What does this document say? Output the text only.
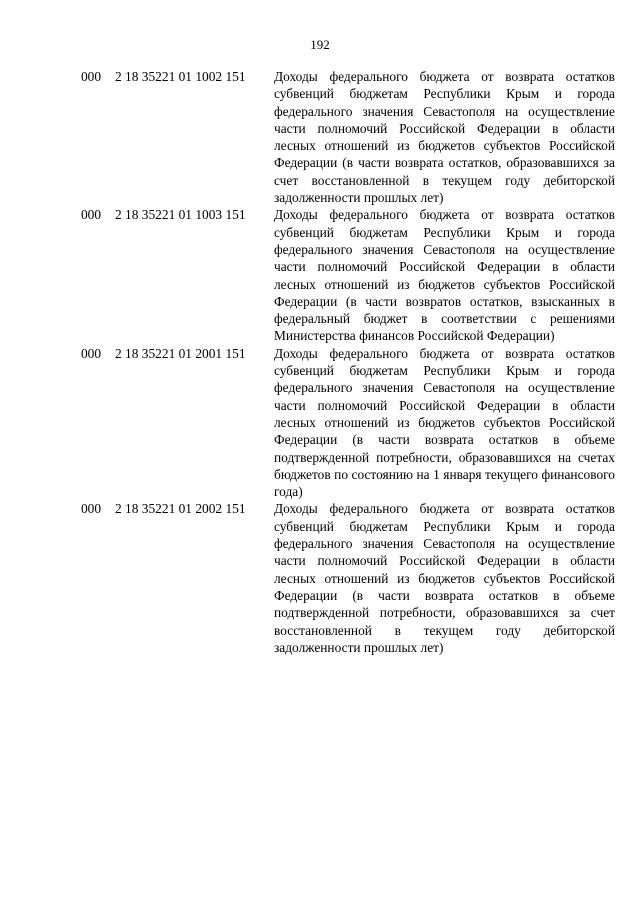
192
000	2 18 35221 01 1002 151	Доходы федерального бюджета от возврата остатков субвенций бюджетам Республики Крым и города федерального значения Севастополя на осуществление части полномочий Российской Федерации в области лесных отношений из бюджетов субъектов Российской Федерации (в части возврата остатков, образовавшихся за счет восстановленной в текущем году дебиторской задолженности прошлых лет)
000	2 18 35221 01 1003 151	Доходы федерального бюджета от возврата остатков субвенций бюджетам Республики Крым и города федерального значения Севастополя на осуществление части полномочий Российской Федерации в области лесных отношений из бюджетов субъектов Российской Федерации (в части возвратов остатков, взысканных в федеральный бюджет в соответствии с решениями Министерства финансов Российской Федерации)
000	2 18 35221 01 2001 151	Доходы федерального бюджета от возврата остатков субвенций бюджетам Республики Крым и города федерального значения Севастополя на осуществление части полномочий Российской Федерации в области лесных отношений из бюджетов субъектов Российской Федерации (в части возврата остатков в объеме подтвержденной потребности, образовавшихся на счетах бюджетов по состоянию на 1 января текущего финансового года)
000	2 18 35221 01 2002 151	Доходы федерального бюджета от возврата остатков субвенций бюджетам Республики Крым и города федерального значения Севастополя на осуществление части полномочий Российской Федерации в области лесных отношений из бюджетов субъектов Российской Федерации (в части возврата остатков в объеме подтвержденной потребности, образовавшихся за счет восстановленной в текущем году дебиторской задолженности прошлых лет)
